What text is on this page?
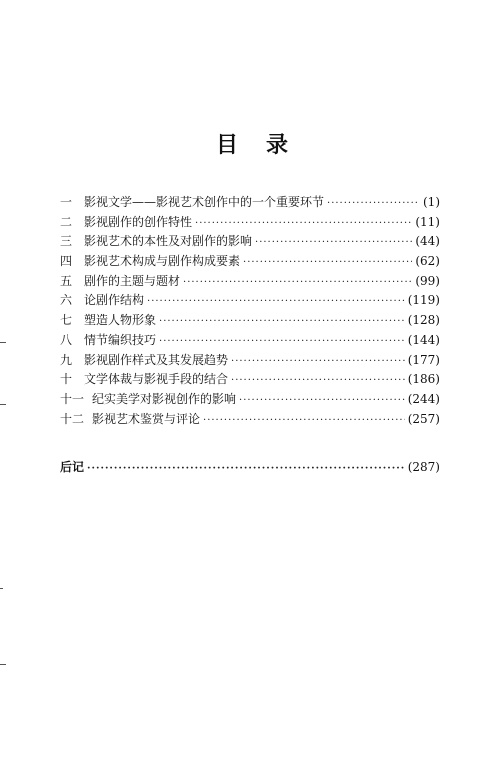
目 录
一 影视文学——影视艺术创作中的一个重要环节 ·····	(1)
二 影视剧作的创作特性 ·····	(11)
三 影视艺术的本性及对剧作的影响 ·····	(44)
四 影视艺术构成与剧作构成要素 ·····	(62)
五 剧作的主题与题材 ·····	(99)
六 论剧作结构 ·····	(119)
七 塑造人物形象 ·····	(128)
八 情节编织技巧 ·····	(144)
九 影视剧作样式及其发展趋势 ·····	(177)
十 文学体裁与影视手段的结合 ·····	(186)
十一 纪实美学对影视创作的影响 ·····	(244)
十二 影视艺术鉴赏与评论 ·····	(257)
后记 ·····	(287)
